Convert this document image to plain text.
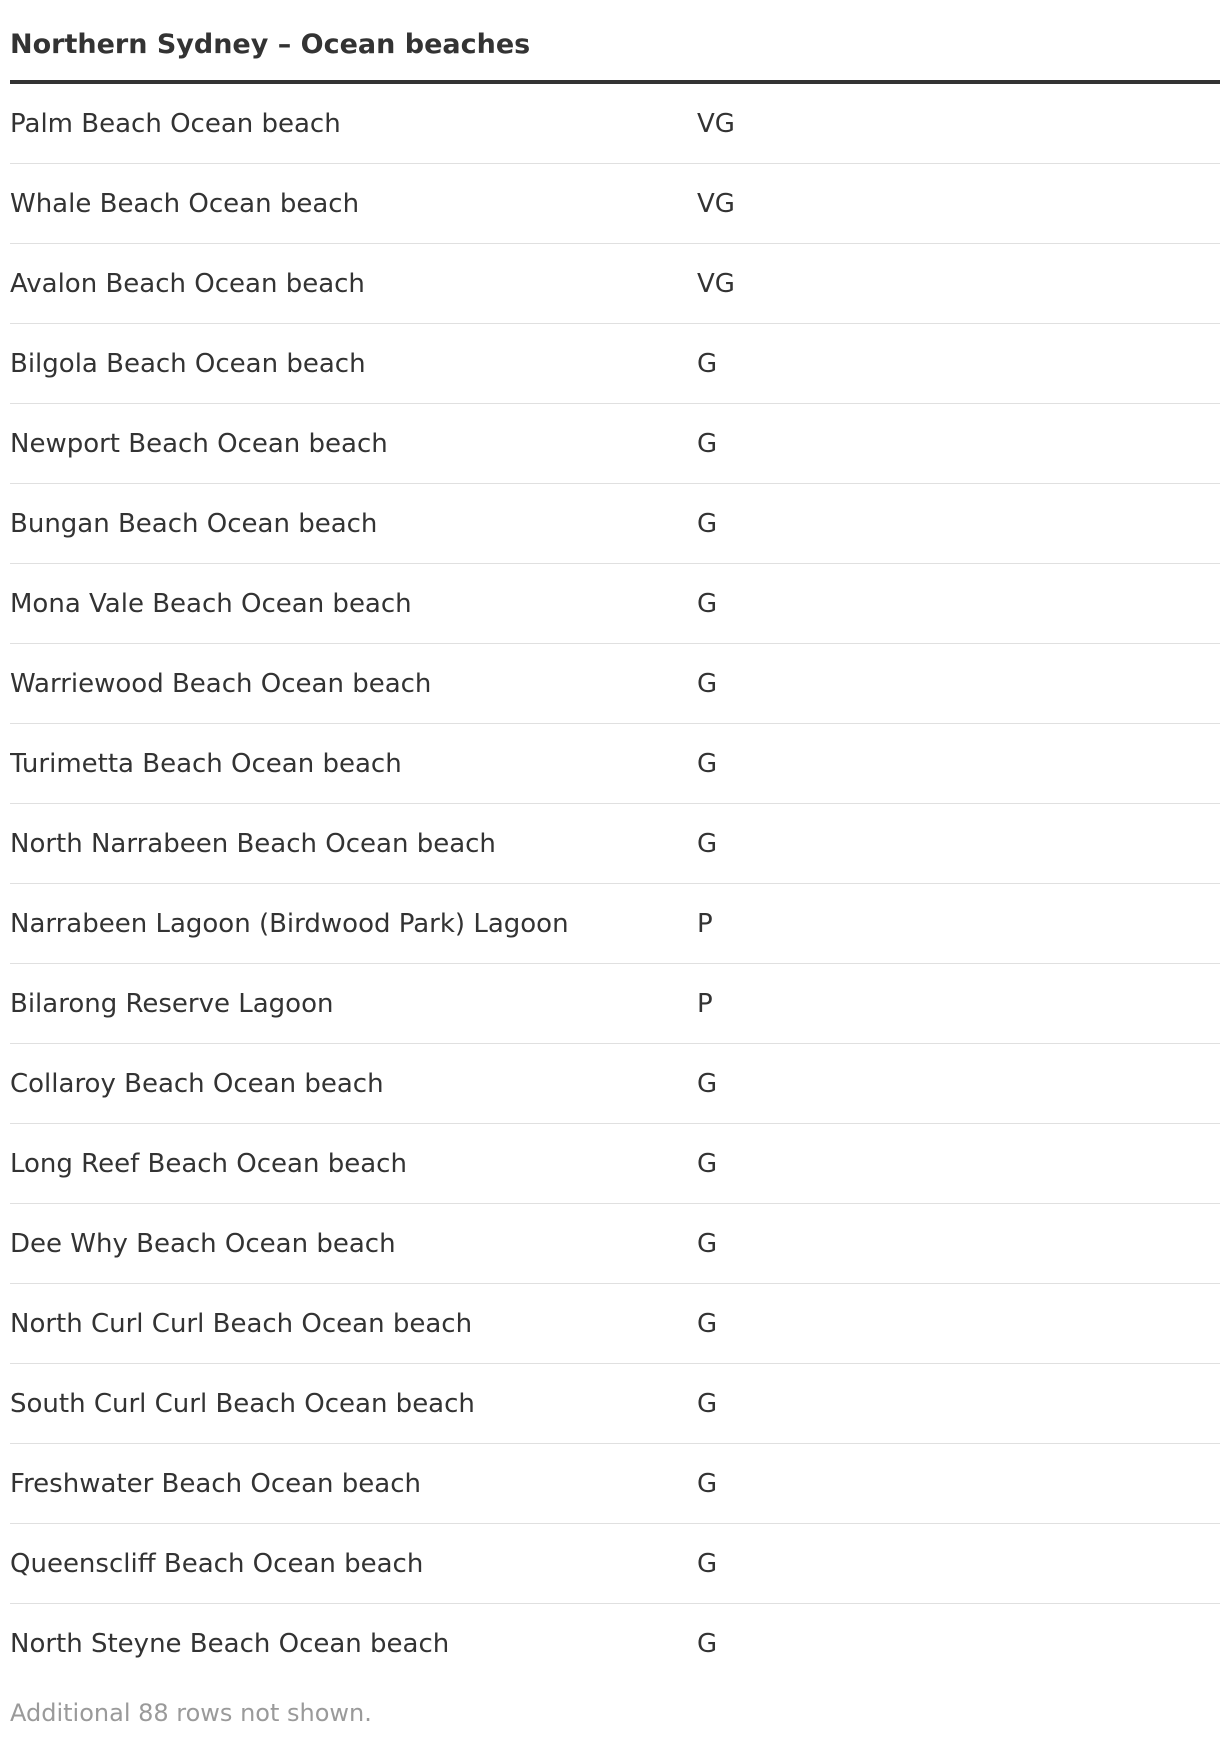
Northern Sydney – Ocean beaches
Palm Beach Ocean beach	VG
Whale Beach Ocean beach	VG
Avalon Beach Ocean beach	VG
Bilgola Beach Ocean beach	G
Newport Beach Ocean beach	G
Bungan Beach Ocean beach	G
Mona Vale Beach Ocean beach	G
Warriewood Beach Ocean beach	G
Turimetta Beach Ocean beach	G
North Narrabeen Beach Ocean beach	G
Narrabeen Lagoon (Birdwood Park) Lagoon	P
Bilarong Reserve Lagoon	P
Collaroy Beach Ocean beach	G
Long Reef Beach Ocean beach	G
Dee Why Beach Ocean beach	G
North Curl Curl Beach Ocean beach	G
South Curl Curl Beach Ocean beach	G
Freshwater Beach Ocean beach	G
Queenscliff Beach Ocean beach	G
North Steyne Beach Ocean beach	G
Additional 88 rows not shown.
